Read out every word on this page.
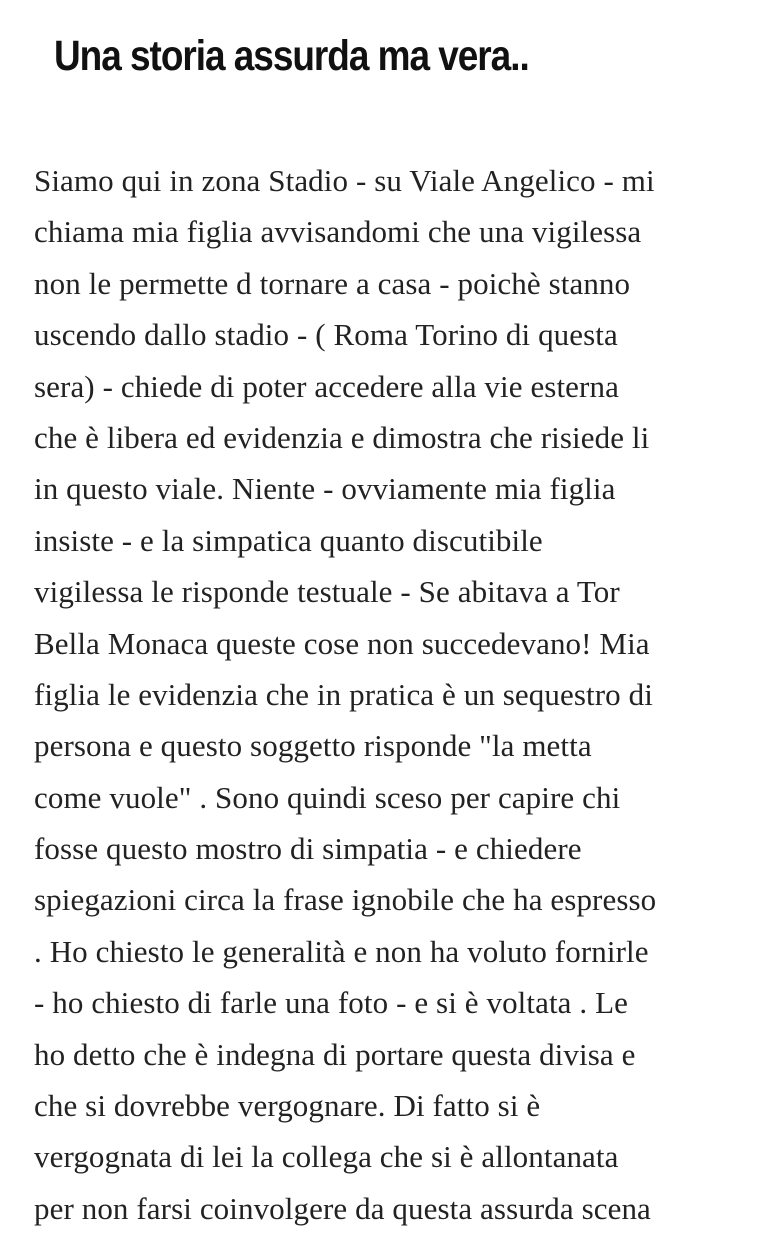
Una storia assurda ma vera..
Siamo qui in zona Stadio - su Viale Angelico - mi
chiama mia figlia avvisandomi che una vigilessa
non le permette d tornare a casa - poichè stanno
uscendo dallo stadio - ( Roma Torino di questa
sera) - chiede di poter accedere alla vie esterna
che è libera ed evidenzia e dimostra che risiede li
in questo viale. Niente - ovviamente mia figlia
insiste - e la simpatica quanto discutibile
vigilessa le risponde testuale - Se abitava a Tor
Bella Monaca queste cose non succedevano! Mia
figlia le evidenzia che in pratica è un sequestro di
persona e questo soggetto risponde "la metta
come vuole" . Sono quindi sceso per capire chi
fosse questo mostro di simpatia - e chiedere
spiegazioni circa la frase ignobile che ha espresso
. Ho chiesto le generalità e non ha voluto fornirle
- ho chiesto di farle una foto - e si è voltata . Le
ho detto che è indegna di portare questa divisa e
che si dovrebbe vergognare. Di fatto si è
vergognata di lei la collega che si è allontanata
per non farsi coinvolgere da questa assurda scena
